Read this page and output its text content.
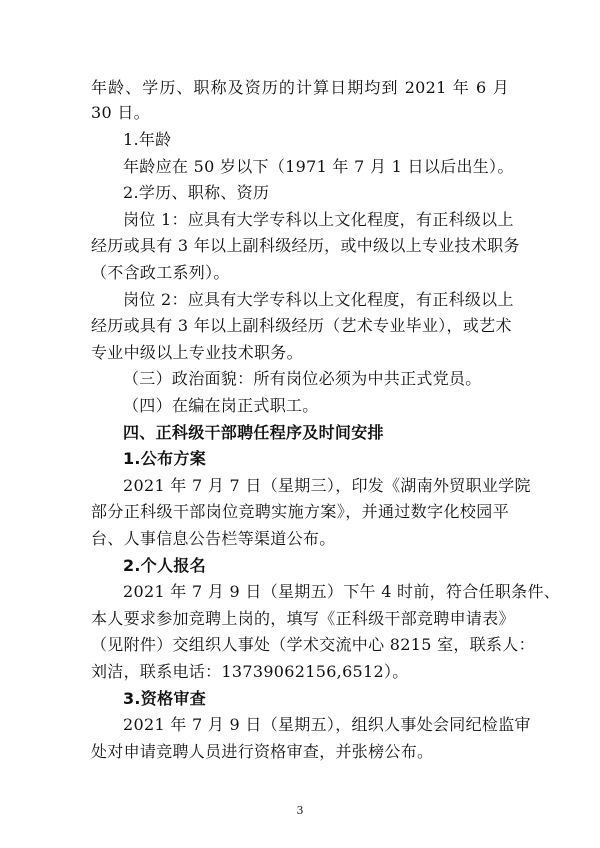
年龄、学历、职称及资历的计算日期均到 2021 年 6 月
30 日。
1.年龄
年龄应在 50 岁以下（1971 年 7 月 1 日以后出生）。
2.学历、职称、资历
岗位 1：应具有大学专科以上文化程度，有正科级以上
经历或具有 3 年以上副科级经历，或中级以上专业技术职务
（不含政工系列）。
岗位 2：应具有大学专科以上文化程度，有正科级以上
经历或具有 3 年以上副科级经历（艺术专业毕业），或艺术
专业中级以上专业技术职务。
（三）政治面貌：所有岗位必须为中共正式党员。
（四）在编在岗正式职工。
四、正科级干部聘任程序及时间安排
1.公布方案
2021 年 7 月 7 日（星期三），印发《湖南外贸职业学院
部分正科级干部岗位竞聘实施方案》，并通过数字化校园平
台、人事信息公告栏等渠道公布。
2.个人报名
2021 年 7 月 9 日（星期五）下午 4 时前，符合任职条件、
本人要求参加竞聘上岗的，填写《正科级干部竞聘申请表》
（见附件）交组织人事处（学术交流中心 8215 室，联系人：
刘洁，联系电话：13739062156,6512）。
3.资格审查
2021 年 7 月 9 日（星期五），组织人事处会同纪检监审
处对申请竞聘人员进行资格审查，并张榜公布。
3
